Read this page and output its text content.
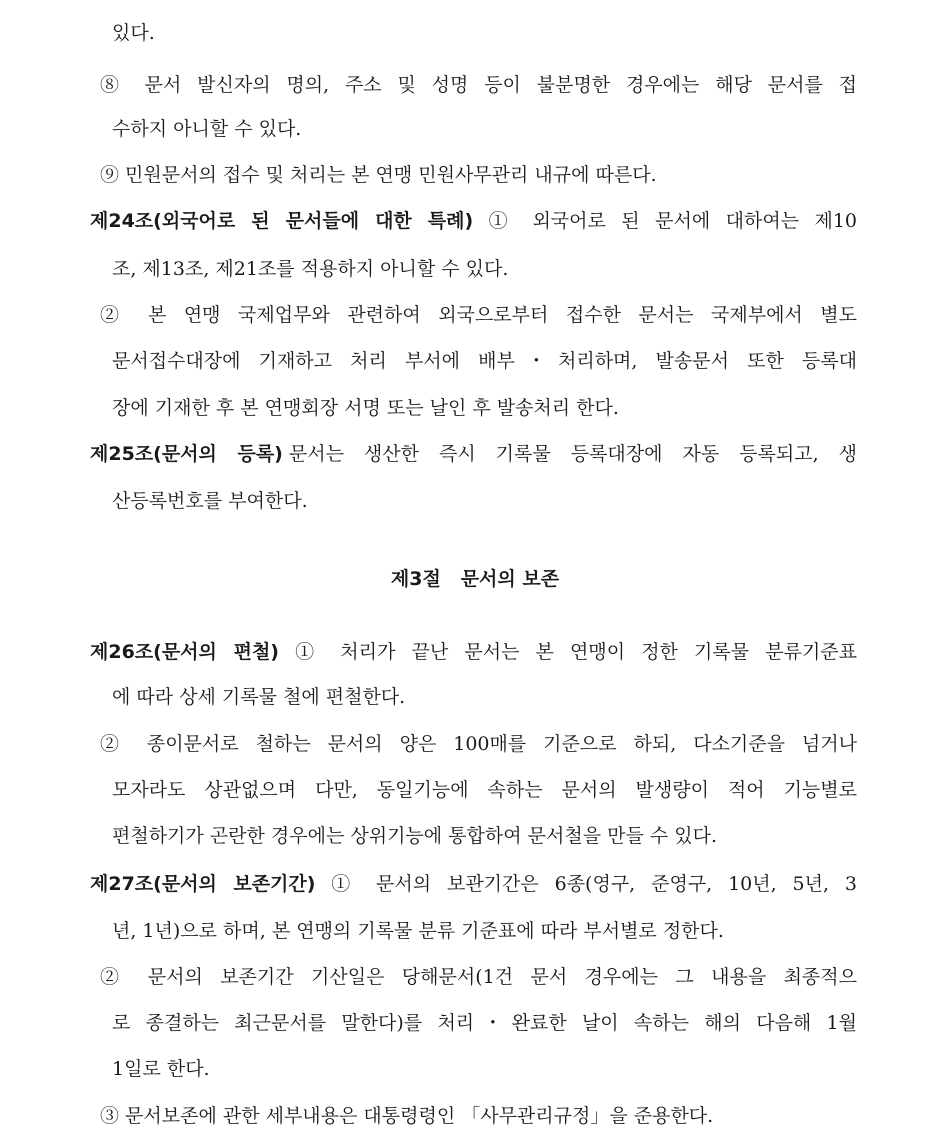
있다.
⑧ 문서 발신자의 명의, 주소 및 성명 등이 불분명한 경우에는 해당 문서를 접
수하지 아니할 수 있다.
⑨ 민원문서의 접수 및 처리는 본 연맹 민원사무관리 내규에 따른다.
제24조(외국어로 된 문서들에 대한 특례) ① 외국어로 된 문서에 대하여는 제10
조, 제13조, 제21조를 적용하지 아니할 수 있다.
② 본 연맹 국제업무와 관련하여 외국으로부터 접수한 문서는 국제부에서 별도
문서접수대장에 기재하고 처리 부서에 배부・처리하며, 발송문서 또한 등록대
장에 기재한 후 본 연맹회장 서명 또는 날인 후 발송처리 한다.
제25조(문서의 등록) 문서는 생산한 즉시 기록물 등록대장에 자동 등록되고, 생
산등록번호를 부여한다.
제3절 문서의 보존
제26조(문서의 편철) ① 처리가 끝난 문서는 본 연맹이 정한 기록물 분류기준표
에 따라 상세 기록물 철에 편철한다.
② 종이문서로 철하는 문서의 양은 100매를 기준으로 하되, 다소기준을 넘거나
모자라도 상관없으며 다만, 동일기능에 속하는 문서의 발생량이 적어 기능별로
편철하기가 곤란한 경우에는 상위기능에 통합하여 문서철을 만들 수 있다.
제27조(문서의 보존기간) ① 문서의 보관기간은 6종(영구, 준영구, 10년, 5년, 3
년, 1년)으로 하며, 본 연맹의 기록물 분류 기준표에 따라 부서별로 정한다.
② 문서의 보존기간 기산일은 당해문서(1건 문서 경우에는 그 내용을 최종적으
로 종결하는 최근문서를 말한다)를 처리・완료한 날이 속하는 해의 다음해 1월
1일로 한다.
③ 문서보존에 관한 세부내용은 대통령령인 「사무관리규정」을 준용한다.
